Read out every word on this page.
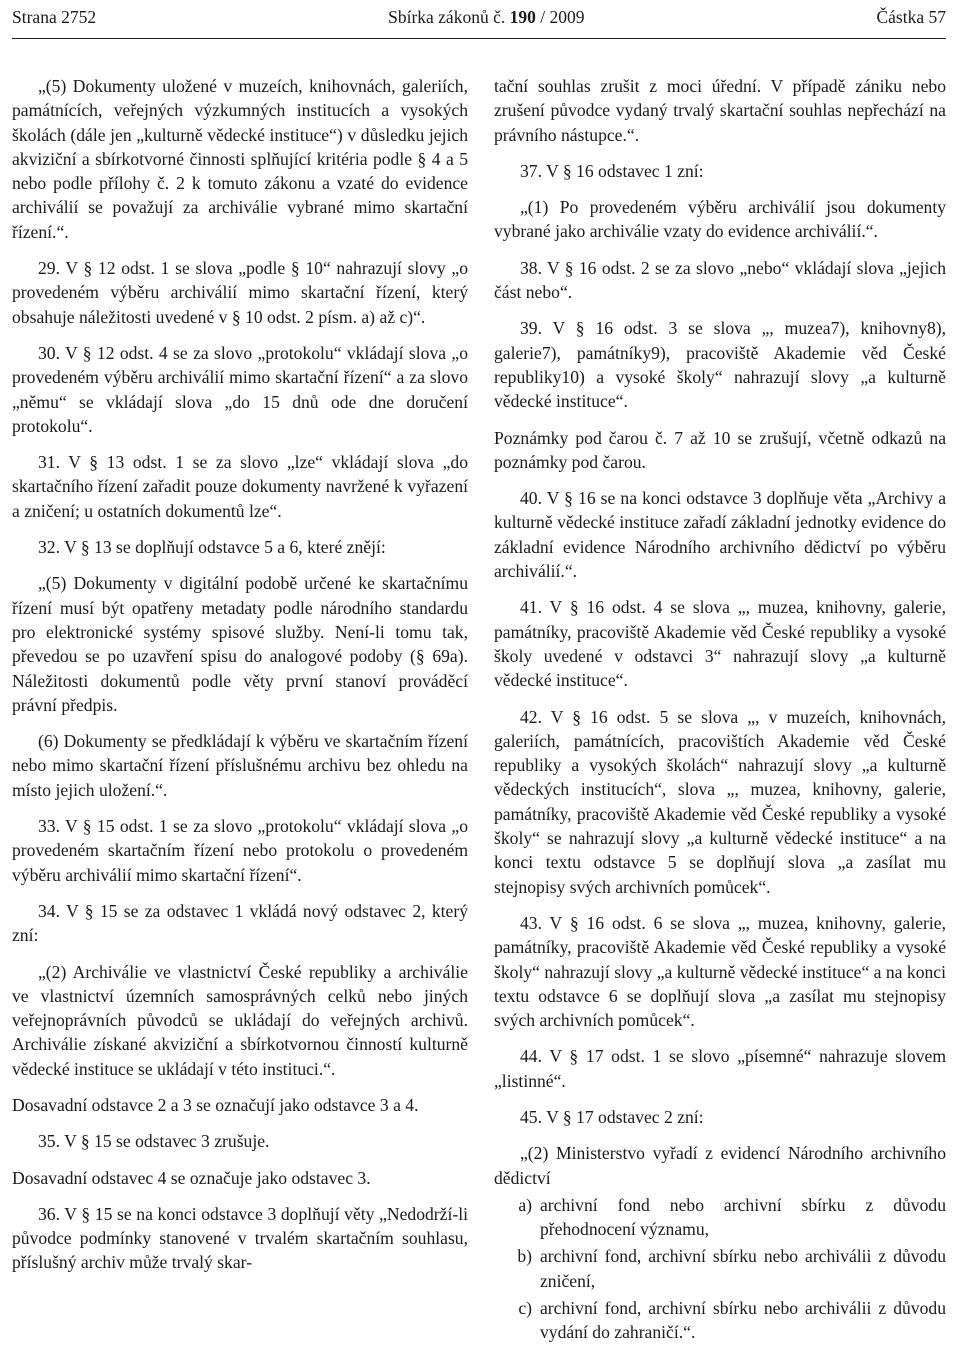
Strana 2752	Sbírka zákonů č. 190 / 2009	Částka 57

„(5) Dokumenty uložené v muzeích, knihovnách, galeriích, památnících, veřejných výzkumných institucích a vysokých školách (dále jen „kulturně vědecké instituce“) v důsledku jejich akviziční a sbírkotvorné činnosti splňující kritéria podle § 4 a 5 nebo podle přílohy č. 2 k tomuto zákonu a vzaté do evidence archiválií se považují za archiválie vybrané mimo skartační řízení.“.

29. V § 12 odst. 1 se slova „podle § 10“ nahrazují slovy „o provedeném výběru archiválií mimo skartační řízení, který obsahuje náležitosti uvedené v § 10 odst. 2 písm. a) až c)“.

30. V § 12 odst. 4 se za slovo „protokolu“ vkládají slova „o provedeném výběru archiválií mimo skartační řízení“ a za slovo „němu“ se vkládají slova „do 15 dnů ode dne doručení protokolu“.

31. V § 13 odst. 1 se za slovo „lze“ vkládají slova „do skartačního řízení zařadit pouze dokumenty navržené k vyřazení a zničení; u ostatních dokumentů lze“.

32. V § 13 se doplňují odstavce 5 a 6, které znějí:

„(5) Dokumenty v digitální podobě určené ke skartačnímu řízení musí být opatřeny metadaty podle národního standardu pro elektronické systémy spisové služby. Není-li tomu tak, převedou se po uzavření spisu do analogové podoby (§ 69a). Náležitosti dokumentů podle věty první stanoví prováděcí právní předpis.

(6) Dokumenty se předkládají k výběru ve skartačním řízení nebo mimo skartační řízení příslušnému archivu bez ohledu na místo jejich uložení.“.

33. V § 15 odst. 1 se za slovo „protokolu“ vkládají slova „o provedeném skartačním řízení nebo protokolu o provedeném výběru archiválií mimo skartační řízení“.

34. V § 15 se za odstavec 1 vkládá nový odstavec 2, který zní:

„(2) Archiválie ve vlastnictví České republiky a archiválie ve vlastnictví územních samosprávných celků nebo jiných veřejnoprávních původců se ukládají do veřejných archivů. Archiválie získané akviziční a sbírkotvornou činností kulturně vědecké instituce se ukládají v této instituci.“.

Dosavadní odstavce 2 a 3 se označují jako odstavce 3 a 4.

35. V § 15 se odstavec 3 zrušuje.

Dosavadní odstavec 4 se označuje jako odstavec 3.

36. V § 15 se na konci odstavce 3 doplňují věty „Nedodrží-li původce podmínky stanovené v trvalém skartačním souhlasu, příslušný archiv může trvalý skar-

tační souhlas zrušit z moci úřední. V případě zániku nebo zrušení původce vydaný trvalý skartační souhlas nepřechází na právního nástupce.“.

37. V § 16 odstavec 1 zní:

„(1) Po provedeném výběru archiválií jsou dokumenty vybrané jako archiválie vzaty do evidence archiválií.“.

38. V § 16 odst. 2 se za slovo „nebo“ vkládají slova „jejich část nebo“.

39. V § 16 odst. 3 se slova „, muzea7), knihovny8), galerie7), památníky9), pracoviště Akademie věd České republiky10) a vysoké školy“ nahrazují slovy „a kulturně vědecké instituce“.

Poznámky pod čarou č. 7 až 10 se zrušují, včetně odkazů na poznámky pod čarou.

40. V § 16 se na konci odstavce 3 doplňuje věta „Archivy a kulturně vědecké instituce zařadí základní jednotky evidence do základní evidence Národního archivního dědictví po výběru archiválií.“.

41. V § 16 odst. 4 se slova „, muzea, knihovny, galerie, památníky, pracoviště Akademie věd České republiky a vysoké školy uvedené v odstavci 3“ nahrazují slovy „a kulturně vědecké instituce“.

42. V § 16 odst. 5 se slova „, v muzeích, knihovnách, galeriích, památnících, pracovištích Akademie věd České republiky a vysokých školách“ nahrazují slovy „a kulturně vědeckých institucích“, slova „, muzea, knihovny, galerie, památníky, pracoviště Akademie věd České republiky a vysoké školy“ se nahrazují slovy „a kulturně vědecké instituce“ a na konci textu odstavce 5 se doplňují slova „a zasílat mu stejnopisy svých archivních pomůcek“.

43. V § 16 odst. 6 se slova „, muzea, knihovny, galerie, památníky, pracoviště Akademie věd České republiky a vysoké školy“ nahrazují slovy „a kulturně vědecké instituce“ a na konci textu odstavce 6 se doplňují slova „a zasílat mu stejnopisy svých archivních pomůcek“.

44. V § 17 odst. 1 se slovo „písemné“ nahrazuje slovem „listinné“.

45. V § 17 odstavec 2 zní:

„(2) Ministerstvo vyřadí z evidencí Národního archivního dědictví

a) archivní fond nebo archivní sbírku z důvodu přehodnocení významu,
b) archivní fond, archivní sbírku nebo archiválii z důvodu zničení,
c) archivní fond, archivní sbírku nebo archiválii z důvodu vydání do zahraničí.“.
